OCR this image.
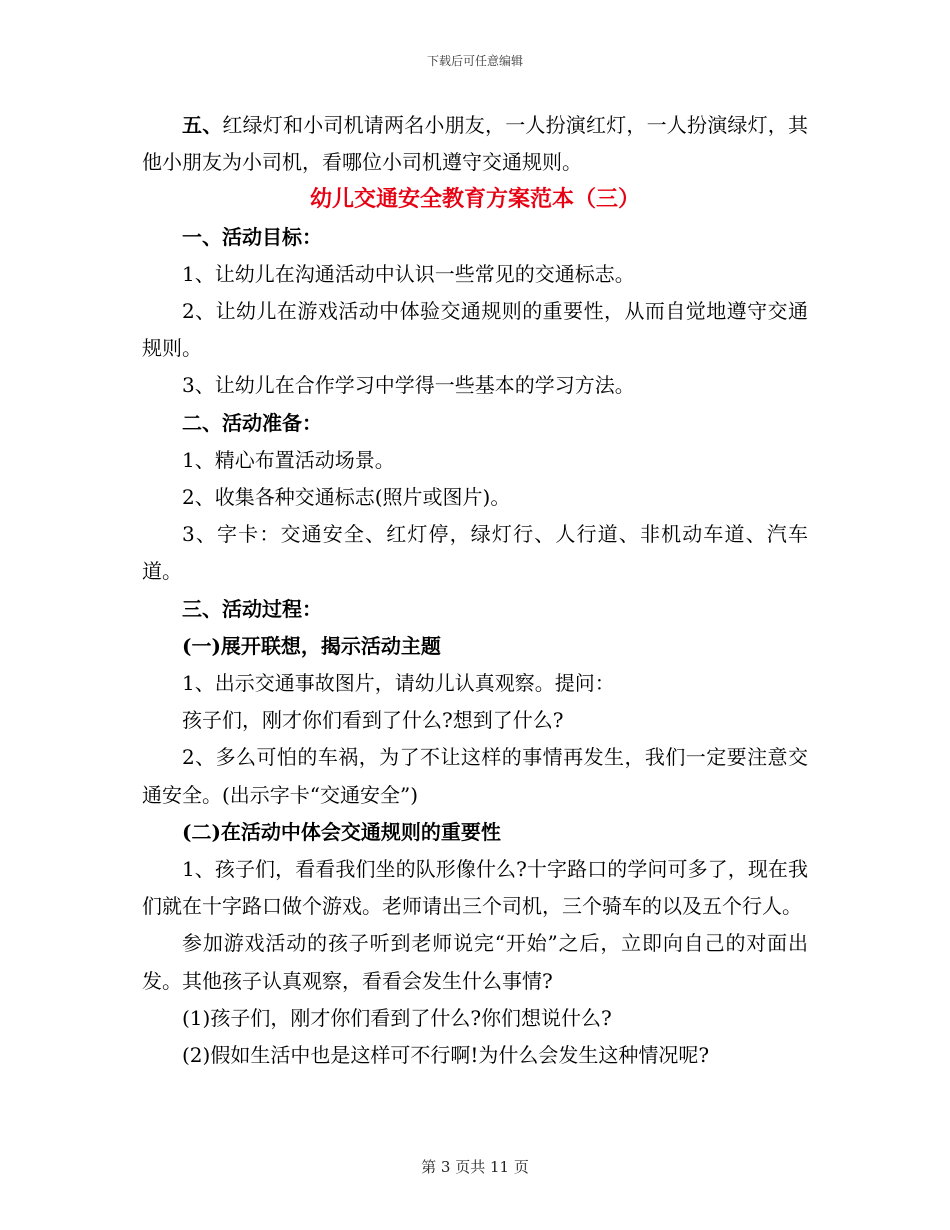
下载后可任意编辑

五、红绿灯和小司机请两名小朋友，一人扮演红灯，一人扮演绿灯，其他小朋友为小司机，看哪位小司机遵守交通规则。

幼儿交通安全教育方案范本（三）

一、活动目标：

1、让幼儿在沟通活动中认识一些常见的交通标志。

2、让幼儿在游戏活动中体验交通规则的重要性，从而自觉地遵守交通规则。

3、让幼儿在合作学习中学得一些基本的学习方法。

二、活动准备：

1、精心布置活动场景。

2、收集各种交通标志(照片或图片)。

3、字卡：交通安全、红灯停，绿灯行、人行道、非机动车道、汽车道。

三、活动过程：

(一)展开联想，揭示活动主题

1、出示交通事故图片，请幼儿认真观察。提问：

孩子们，刚才你们看到了什么?想到了什么?

2、多么可怕的车祸，为了不让这样的事情再发生，我们一定要注意交通安全。(出示字卡“交通安全”)

(二)在活动中体会交通规则的重要性

1、孩子们，看看我们坐的队形像什么?十字路口的学问可多了，现在我们就在十字路口做个游戏。老师请出三个司机，三个骑车的以及五个行人。

参加游戏活动的孩子听到老师说完“开始”之后，立即向自己的对面出发。其他孩子认真观察，看看会发生什么事情?

(1)孩子们，刚才你们看到了什么?你们想说什么?

(2)假如生活中也是这样可不行啊!为什么会发生这种情况呢?

第 3 页共 11 页
